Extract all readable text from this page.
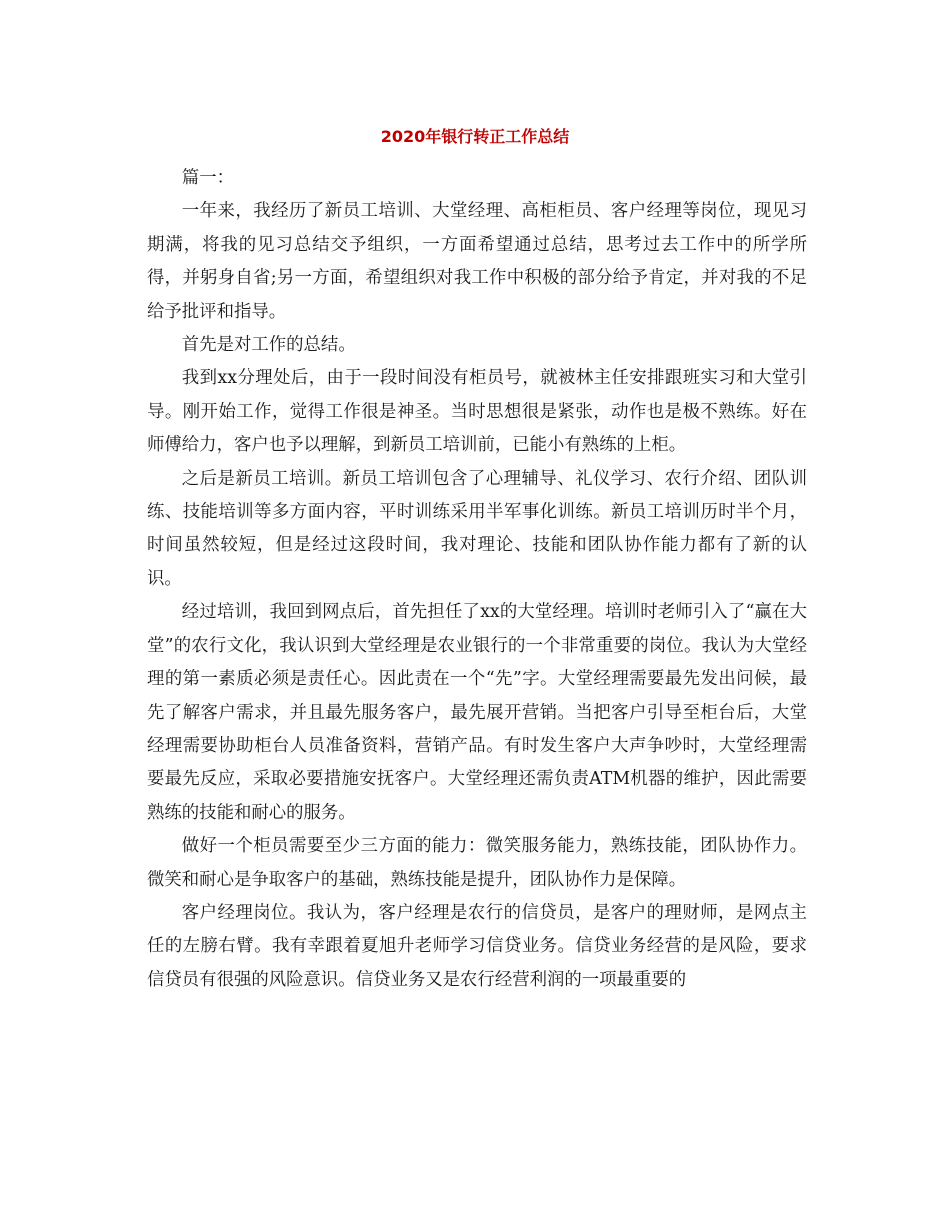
2020年银行转正工作总结

篇一：

一年来，我经历了新员工培训、大堂经理、高柜柜员、客户经理等岗位，现见习期满，将我的见习总结交予组织，一方面希望通过总结，思考过去工作中的所学所得，并躬身自省;另一方面，希望组织对我工作中积极的部分给予肯定，并对我的不足给予批评和指导。

首先是对工作的总结。

我到xx分理处后，由于一段时间没有柜员号，就被林主任安排跟班实习和大堂引导。刚开始工作，觉得工作很是神圣。当时思想很是紧张，动作也是极不熟练。好在师傅给力，客户也予以理解，到新员工培训前，已能小有熟练的上柜。

之后是新员工培训。新员工培训包含了心理辅导、礼仪学习、农行介绍、团队训练、技能培训等多方面内容，平时训练采用半军事化训练。新员工培训历时半个月，时间虽然较短，但是经过这段时间，我对理论、技能和团队协作能力都有了新的认识。

经过培训，我回到网点后，首先担任了xx的大堂经理。培训时老师引入了“赢在大堂”的农行文化，我认识到大堂经理是农业银行的一个非常重要的岗位。我认为大堂经理的第一素质必须是责任心。因此责在一个“先”字。大堂经理需要最先发出问候，最先了解客户需求，并且最先服务客户，最先展开营销。当把客户引导至柜台后，大堂经理需要协助柜台人员准备资料，营销产品。有时发生客户大声争吵时，大堂经理需要最先反应，采取必要措施安抚客户。大堂经理还需负责ATM机器的维护，因此需要熟练的技能和耐心的服务。

做好一个柜员需要至少三方面的能力：微笑服务能力，熟练技能，团队协作力。微笑和耐心是争取客户的基础，熟练技能是提升，团队协作力是保障。

客户经理岗位。我认为，客户经理是农行的信贷员，是客户的理财师，是网点主任的左膀右臂。我有幸跟着夏旭升老师学习信贷业务。信贷业务经营的是风险，要求信贷员有很强的风险意识。信贷业务又是农行经营利润的一项最重要的
